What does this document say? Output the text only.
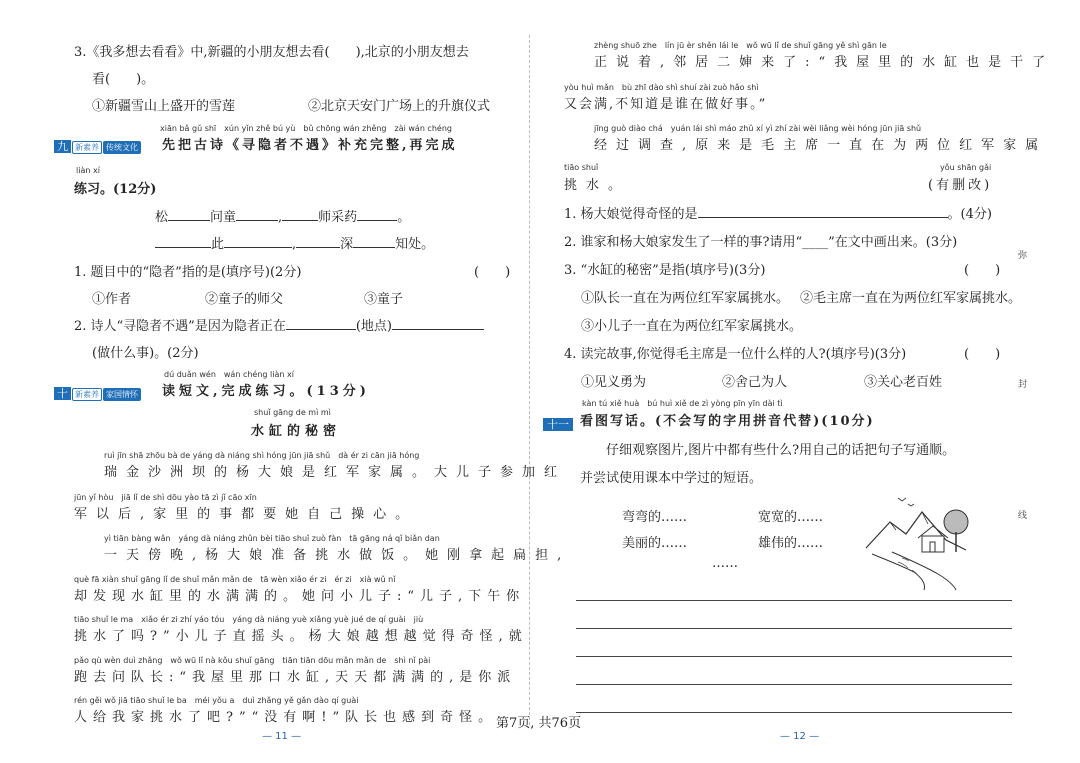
3.《我多想去看看》中,新疆的小朋友想去看(　　),北京的小朋友想去
看(　　)。
①新疆雪山上盛开的雪莲	②北京天安门广场上的升旗仪式
九 新素养 传统文化
xiān bǎ gǔ shī　xún yǐn zhě bú yù　bǔ chōng wán zhěng　zài wán chéng
先把古诗《寻隐者不遇》补充完整,再完成
liàn xí
练习。(12分)
松	问童	,	师采药	。
此	,	深	知处。
1. 题目中的“隐者”指的是(填序号)(2分)	(　　)
①作者	②童子的师父	③童子
2. 诗人“寻隐者不遇”是因为隐者正在	(地点)
(做什么事)。(2分)
十 新素养 家国情怀
dú duǎn wén　wán chéng liàn xí
读短文,完成练习。(13分)
shuǐ gāng de mì mì
水缸的秘密
ruì jīn shā zhōu bà de yáng dà niáng shì hóng jūn jiā shǔ　dà ér zi cān jiā hóng
瑞金沙洲坝的杨大娘是红军家属。大儿子参加红
jūn yǐ hòu　jiā lǐ de shì dōu yào tā zì jǐ cāo xīn
军以后,家里的事都要她自己操心。
yì tiān bàng wǎn　yáng dà niáng zhǔn bèi tiāo shuǐ zuò fàn　tā gāng ná qǐ biǎn dan
一天傍晚,杨大娘准备挑水做饭。她刚拿起扁担,
què fā xiàn shuǐ gāng lǐ de shuǐ mǎn mǎn de　tā wèn xiǎo ér zi　ér zi　xià wǔ nǐ
却发现水缸里的水满满的。她问小儿子:“儿子,下午你
tiāo shuǐ le ma　xiǎo ér zi zhí yáo tóu　yáng dà niáng yuè xiǎng yuè jué de qí guài　jiù
挑水了吗?”小儿子直摇头。杨大娘越想越觉得奇怪,就
pǎo qù wèn duì zhǎng　wǒ wū lǐ nà kǒu shuǐ gāng　tiān tiān dōu mǎn mǎn de　shì nǐ pài
跑去问队长:“我屋里那口水缸,天天都满满的,是你派
rén gěi wǒ jiā tiāo shuǐ le ba　méi yǒu a　duì zhǎng yě gǎn dào qí guài
人给我家挑水了吧?”“没有啊!”队长也感到奇怪。
— 11 —
zhèng shuō zhe　lín jū èr shěn lái le　wǒ wū lǐ de shuǐ gāng yě shì gān le
正说着,邻居二婶来了:“我屋里的水缸也是干了
yòu huì mǎn　bù zhī dào shì shuí zài zuò hǎo shì
又会满,不知道是谁在做好事。”
jīng guò diào chá　yuán lái shì máo zhǔ xí yì zhí zài wèi liǎng wèi hóng jūn jiā shǔ
经过调查,原来是毛主席一直在为两位红军家属
tiāo shuǐ
挑水。
yǒu shān gǎi
(有删改)
1. 杨大娘觉得奇怪的是	。(4分)
2. 谁家和杨大娘家发生了一样的事?请用“____”在文中画出来。(3分)
3. “水缸的秘密”是指(填序号)(3分)	(　　)
①队长一直在为两位红军家属挑水。 ②毛主席一直在为两位红军家属挑水。
③小儿子一直在为两位红军家属挑水。
4. 读完故事,你觉得毛主席是一位什么样的人?(填序号)(3分)	(　　)
①见义勇为	②舍己为人	③关心老百姓
十一
kàn tú xiě huà　bú huì xiě de zì yòng pīn yīn dài tì
看图写话。(不会写的字用拼音代替)(10分)
仔细观察图片,图片中都有些什么?用自己的话把句子写通顺。
并尝试使用课本中学过的短语。
弯弯的……	宽宽的……
美丽的……	雄伟的……
……
— 12 —
弥
封
线
第7页, 共76页
